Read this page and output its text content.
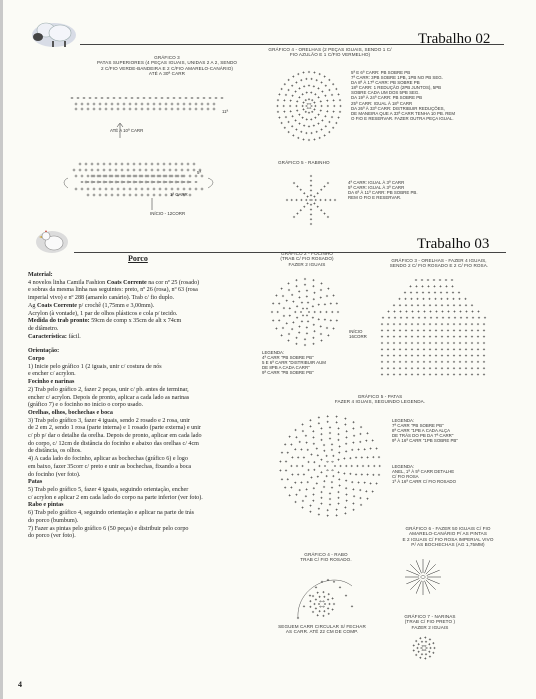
Trabalho 02
GRÁFICO 3
PATAS SUPERIORES (4 PEÇAS IGUAIS, UNIDAS 2 A 2, SENDO
2 C/FIO VERDE-BANDEIRA E 2 C/FIO AMARELO-CANÁRIO)
ATÉ A 30ª CARR
ATÉ A 10ª CARR
11ª
5ª
1ª CARR
INÍCIO - 12CORR
GRÁFICO 4 - ORELHAS (2 PEÇAS IGUAIS, SENDO 1 C/
FIO AZULÃO E 1 C/FIO VERMELHO)
5ª E 6ª CARR: PB SOBRE PB
7ª CARR: 3PB SOBRE 1PB, 1PB NO PB SEG.
DA 8ª À 17ª CARR: PB SOBRE PB
18ª CARR: 1 REDUÇÃO (2PB JUNTOS), 5PB
SOBRE CADA UM DOS 5PB SEG.
DA 19ª À 24ª CARR: PB SOBRE PB
25ª CARR: IGUAL À 18ª CARR
DA 26ª À 33ª CARR: DISTRIBUIR REDUÇÕES,
DE MANEIRA QUE A 33ª CARR TENHA 10 PB. REM
O FIO E RESERVAR. FAZER OUTRA PEÇA IGUAL.
GRÁFICO 5 - RABINHO
4ª CARR: IGUAL À 3ª CARR
5ª CARR: IGUAL À 3ª CARR
DA 6ª À 11ª CARR: PB SOBRE PB.
REM O FIO E RESERVAR.
Trabalho 03
Porco
Material:
4 novelos linha Camila Fashion Coats Corrente na cor nº 25 (rosado)
e sobras da mesma linha nas seguintes: preto, nº 26 (rosa), nº 63 (rosa
imperial vivo) e nº 288 (amarelo canário). Trab c/ fio duplo.
Ag Coats Corrente p/ crochê (1,75mm e 3,00mm).
Acrylon (à vontade), 1 par de olhos plásticos e cola p/ tecido.
Medida do trab pronto: 59cm de comp x 35cm de alt x 74cm
de diâmetro.
Característica: fácil.
Orientação:
Corpo
1) Inicie pelo gráfico 1 (2 iguais, unir c/ costura de nós
e encher c/ acrylon.
Focinho e narinas
2) Trab pelo gráfico 2, fazer 2 peças, unir c/ pb. antes de terminar,
encher c/ acrylon. Depois de pronto, aplicar a cada lado as narinas
(gráfico 7) e o focinho no início o corpo usado.
Orelhas, olhos, bochechas e boca
3) Trab pelo gráfico 3, fazer 4 iguais, sendo 2 rosado e 2 rosa, unir
de 2 em 2, sendo 1 rosa (parte interna) e 1 rosado (parte externa) e unir
c/ pb p/ dar o detalhe da orelha. Depois de pronto, aplicar em cada lado
do corpo, c/ 12cm de distância do focinho e abaixo das orelhas c/ 4cm
de distância, os olhos.
4) A cada lado do focinho, aplicar as bochechas (gráfico 6) e logo
em baixo, fazer 35corr c/ preto e unir as bochechas, fixando a boca
do focinho (ver foto).
Patas
5) Trab pelo gráfico 5, fazer 4 iguais, seguindo orientação, encher
c/ acrylon e aplicar 2 em cada lado do corpo na parte inferior (ver foto).
Rabo e pintas
6) Trab pelo gráfico 4, seguindo orientação e aplicar na parte de trás
do porco (bumbum).
7) Fazer as pintas pelo gráfico 6 (50 peças) e distribuir pelo corpo
do porco (ver foto).
GRÁFICO 2 - FOCINHO
(TRAB C/ FIO ROSADO)
FAZER 2 IGUAIS
LEGENDA:
4ª CARR "PB SOBRE PB"
5 E 6ª CARR "DISTRIBUIR AUM
DE 8PB A CADA CARR"
9ª CARR "PB SOBRE PB"
GRÁFICO 3 - ORELHAS - FAZER 4 IGUAIS,
SENDO 2 C/ FIO ROSADO E 2 C/ FIO ROSA.
INÍCIO
16CORR
GRÁFICO 5 - PATAS
FAZER 4 IGUAIS, SEGUINDO LEGENDA.
LEGENDA:
7ª CARR "PB SOBRE PB"
8ª CARR "1PB A CADA ALÇA
DE TRÁS DO PB DA 7ª CARR"
9ª À 16ª CARR "1PB SOBRE PB"
LEGENDA:
ANEL, 1ª À 5ª CARR DETALHE
C/ FIO ROSA
1ª À 16ª CARR C/ FIO ROSADO
GRÁFICO 6 - FAZER 50 IGUAIS C/ FIO
AMARELO-CANÁRIO P/ AS PINTAS
E 2 IGUAIS C/ FIO ROSA IMPERIAL VIVO
P/ AS BOCHECHAS (AG 1,75MM)
GRÁFICO 4 - RABO
TRAB C/ FIO ROSADO.
SEGUEM CARR CIRCULAR S/ FECHAR
AS CARR. ATÉ 22 CM DE COMP.
GRÁFICO 7 - NARINAS
(TRAB C/ FIO PRETO )
FAZER 2 IGUAIS
4
